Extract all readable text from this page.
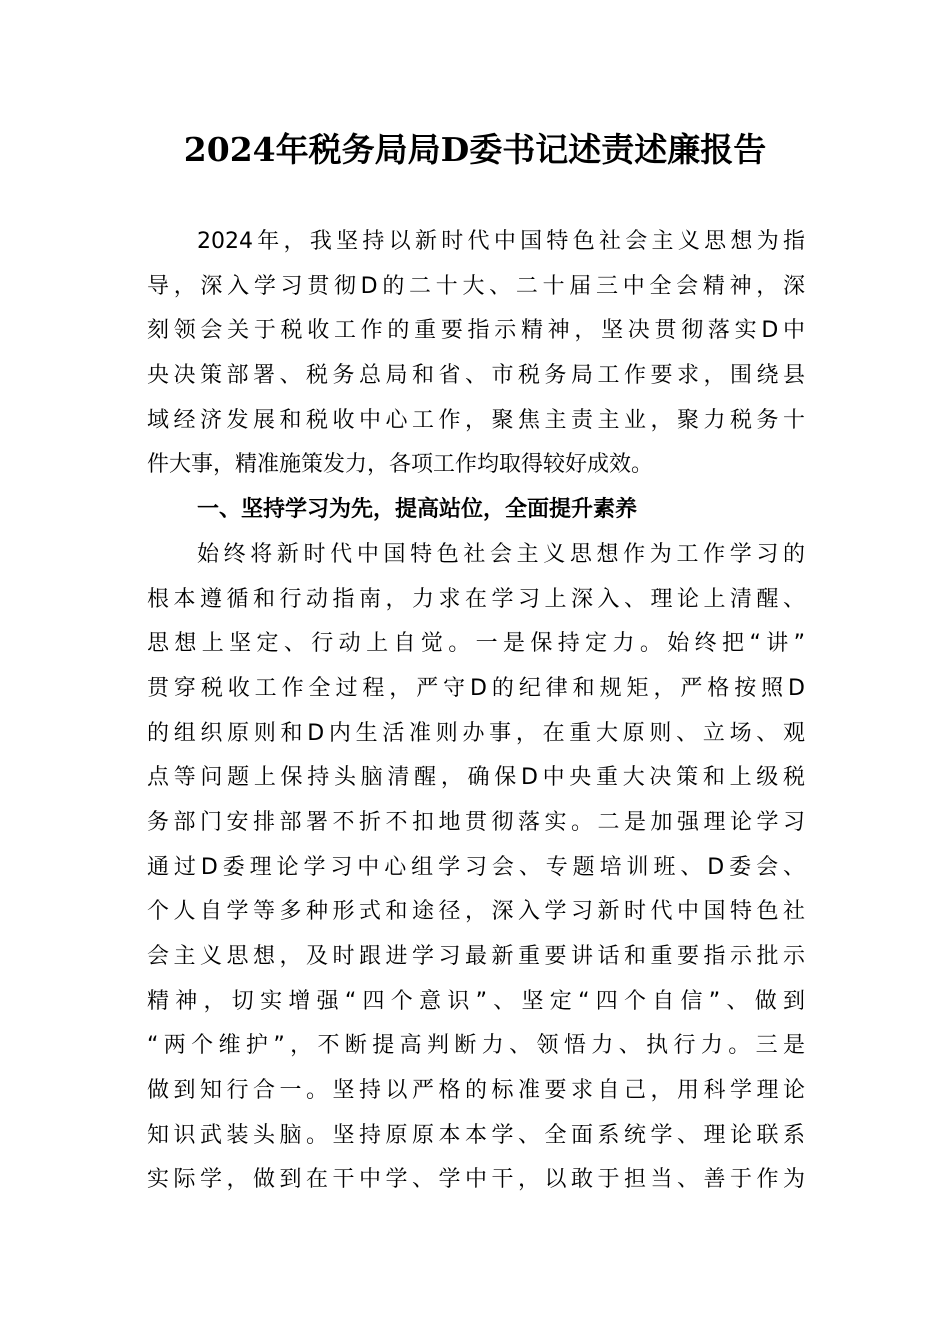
2024年税务局局D委书记述责述廉报告
2024年，我坚持以新时代中国特色社会主义思想为指
导，深入学习贯彻D的二十大、二十届三中全会精神，深
刻领会关于税收工作的重要指示精神，坚决贯彻落实D中
央决策部署、税务总局和省、市税务局工作要求，围绕县
域经济发展和税收中心工作，聚焦主责主业，聚力税务十
件大事，精准施策发力，各项工作均取得较好成效。
一、坚持学习为先，提高站位，全面提升素养
始终将新时代中国特色社会主义思想作为工作学习的
根本遵循和行动指南，力求在学习上深入、理论上清醒、
思想上坚定、行动上自觉。一是保持定力。始终把“讲”
贯穿税收工作全过程，严守D的纪律和规矩，严格按照D
的组织原则和D内生活准则办事，在重大原则、立场、观
点等问题上保持头脑清醒，确保D中央重大决策和上级税
务部门安排部署不折不扣地贯彻落实。二是加强理论学习
通过D委理论学习中心组学习会、专题培训班、D委会、
个人自学等多种形式和途径，深入学习新时代中国特色社
会主义思想，及时跟进学习最新重要讲话和重要指示批示
精神，切实增强“四个意识”、坚定“四个自信”、做到
“两个维护”，不断提高判断力、领悟力、执行力。三是
做到知行合一。坚持以严格的标准要求自己，用科学理论
知识武装头脑。坚持原原本本学、全面系统学、理论联系
实际学，做到在干中学、学中干，以敢于担当、善于作为
